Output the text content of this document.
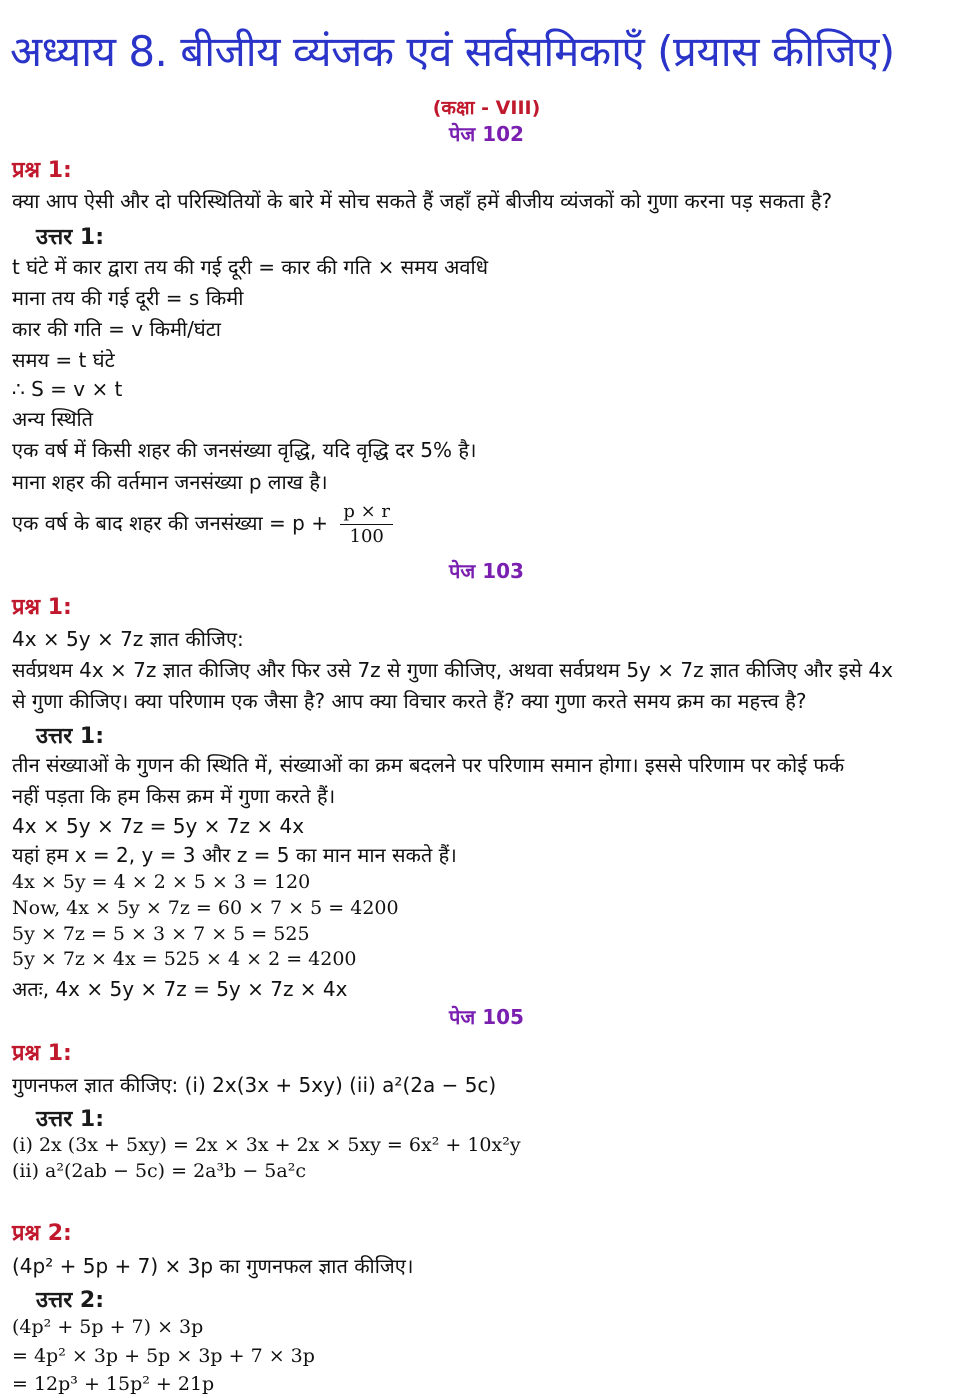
अध्याय 8. बीजीय व्यंजक एवं सर्वसमिकाएँ (प्रयास कीजिए)
(कक्षा - VIII)
पेज 102
प्रश्न 1:
क्या आप ऐसी और दो परिस्थितियों के बारे में सोच सकते हैं जहाँ हमें बीजीय व्यंजकों को गुणा करना पड़ सकता है?
उत्तर 1:
t घंटे में कार द्वारा तय की गई दूरी = कार की गति × समय अवधि
माना तय की गई दूरी = s किमी
कार की गति = v किमी/घंटा
समय = t घंटे
∴ S = v × t
अन्य स्थिति
एक वर्ष में किसी शहर की जनसंख्या वृद्धि, यदि वृद्धि दर 5% है।
माना शहर की वर्तमान जनसंख्या p लाख है।
एक वर्ष के बाद शहर की जनसंख्या = $p + \frac{p \times r}{100}$
पेज 103
प्रश्न 1:
4x × 5y × 7z ज्ञात कीजिए:
सर्वप्रथम 4x × 7z ज्ञात कीजिए और फिर उसे 7z से गुणा कीजिए, अथवा सर्वप्रथम 5y × 7z ज्ञात कीजिए और इसे 4x
से गुणा कीजिए। क्या परिणाम एक जैसा है? आप क्या विचार करते हैं? क्या गुणा करते समय क्रम का महत्त्व है?
उत्तर 1:
तीन संख्याओं के गुणन की स्थिति में, संख्याओं का क्रम बदलने पर परिणाम समान होगा। इससे परिणाम पर कोई फर्क
नहीं पड़ता कि हम किस क्रम में गुणा करते हैं।
4x × 5y × 7z = 5y × 7z × 4x
यहां हम x = 2, y = 3 और z = 5 का मान मान सकते हैं।
4x × 5y = 4 × 2 × 5 × 3 = 120
Now, 4x × 5y × 7z = 60 × 7 × 5 = 4200
5y × 7z = 5 × 3 × 7 × 5 = 525
5y × 7z × 4x = 525 × 4 × 2 = 4200
अतः, 4x × 5y × 7z = 5y × 7z × 4x
पेज 105
प्रश्न 1:
गुणनफल ज्ञात कीजिए: (i) 2x(3x + 5xy) (ii) a²(2a − 5c)
उत्तर 1:
(i) 2x (3x + 5xy) = 2x × 3x + 2x × 5xy = 6x² + 10x²y
(ii) a²(2ab − 5c) = 2a³b − 5a²c
प्रश्न 2:
(4p² + 5p + 7) × 3p का गुणनफल ज्ञात कीजिए।
उत्तर 2:
(4p² + 5p + 7) × 3p
= 4p² × 3p + 5p × 3p + 7 × 3p
= 12p³ + 15p² + 21p
